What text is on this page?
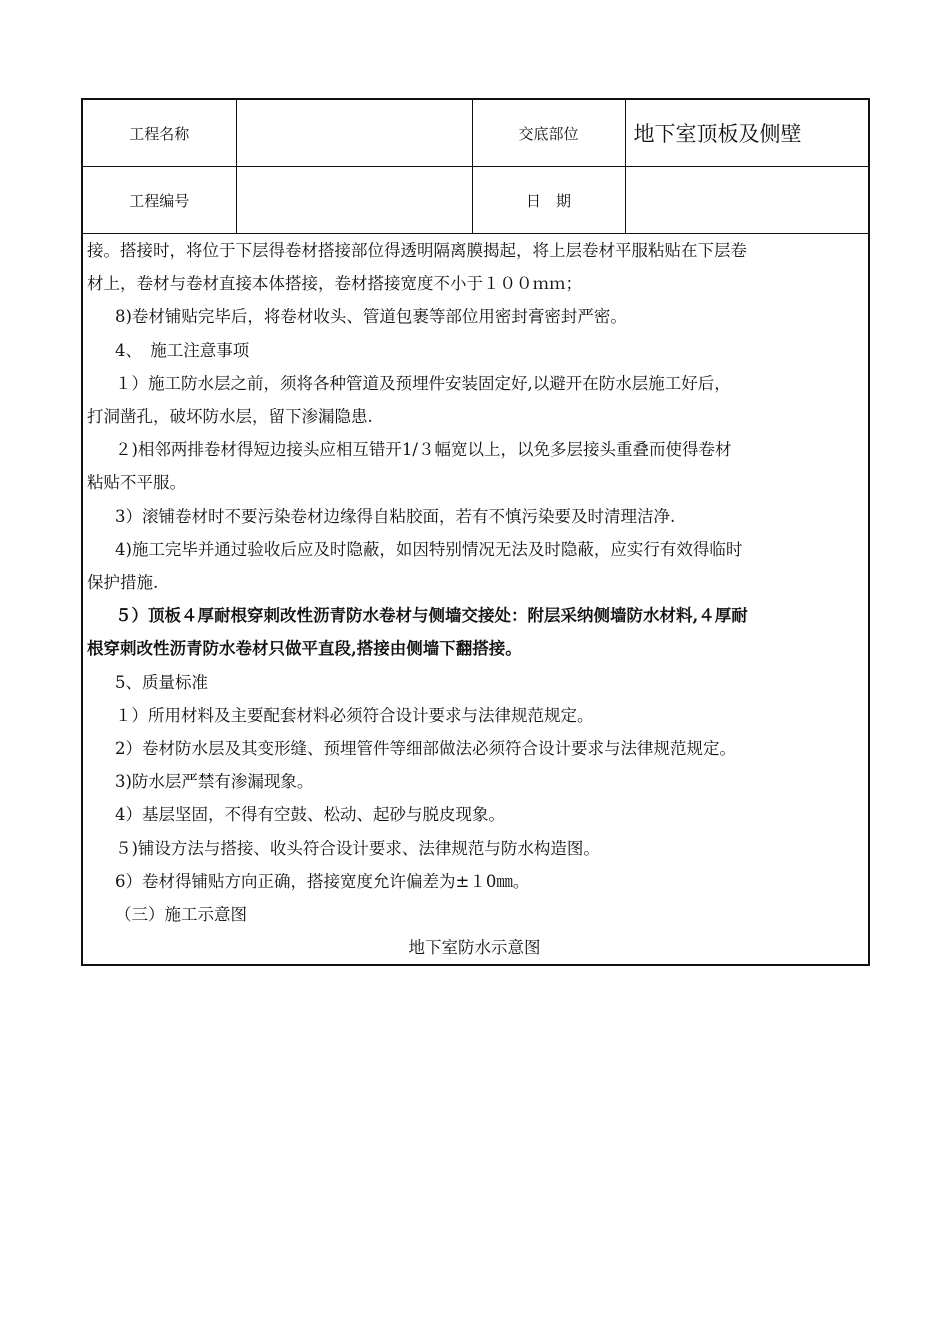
工程名称		交底部位	地下室顶板及侧壁
工程编号		日　期	
接。搭接时，将位于下层得卷材搭接部位得透明隔离膜揭起，将上层卷材平服粘贴在下层卷
材上，卷材与卷材直接本体搭接，卷材搭接宽度不小于１００ｍｍ；
8)卷材铺贴完毕后，将卷材收头、管道包裹等部位用密封膏密封严密。
4、　施工注意事项
１）施工防水层之前，须将各种管道及预埋件安装固定好,以避开在防水层施工好后，
打洞凿孔，破坏防水层，留下渗漏隐患.
２)相邻两排卷材得短边接头应相互错开1/３幅宽以上，以免多层接头重叠而使得卷材
粘贴不平服。
3）滚铺卷材时不要污染卷材边缘得自粘胶面，若有不慎污染要及时清理洁净.
4)施工完毕并通过验收后应及时隐蔽，如因特别情况无法及时隐蔽，应实行有效得临时
保护措施.
５）顶板４厚耐根穿刺改性沥青防水卷材与侧墙交接处：附层采纳侧墙防水材料,４厚耐
根穿刺改性沥青防水卷材只做平直段,搭接由侧墙下翻搭接。
5、质量标准
１）所用材料及主要配套材料必须符合设计要求与法律规范规定。
2）卷材防水层及其变形缝、预埋管件等细部做法必须符合设计要求与法律规范规定。
3)防水层严禁有渗漏现象。
4）基层坚固，不得有空鼓、松动、起砂与脱皮现象。
５)铺设方法与搭接、收头符合设计要求、法律规范与防水构造图。
6）卷材得铺贴方向正确，搭接宽度允许偏差为±１0㎜。
（三）施工示意图
地下室防水示意图
